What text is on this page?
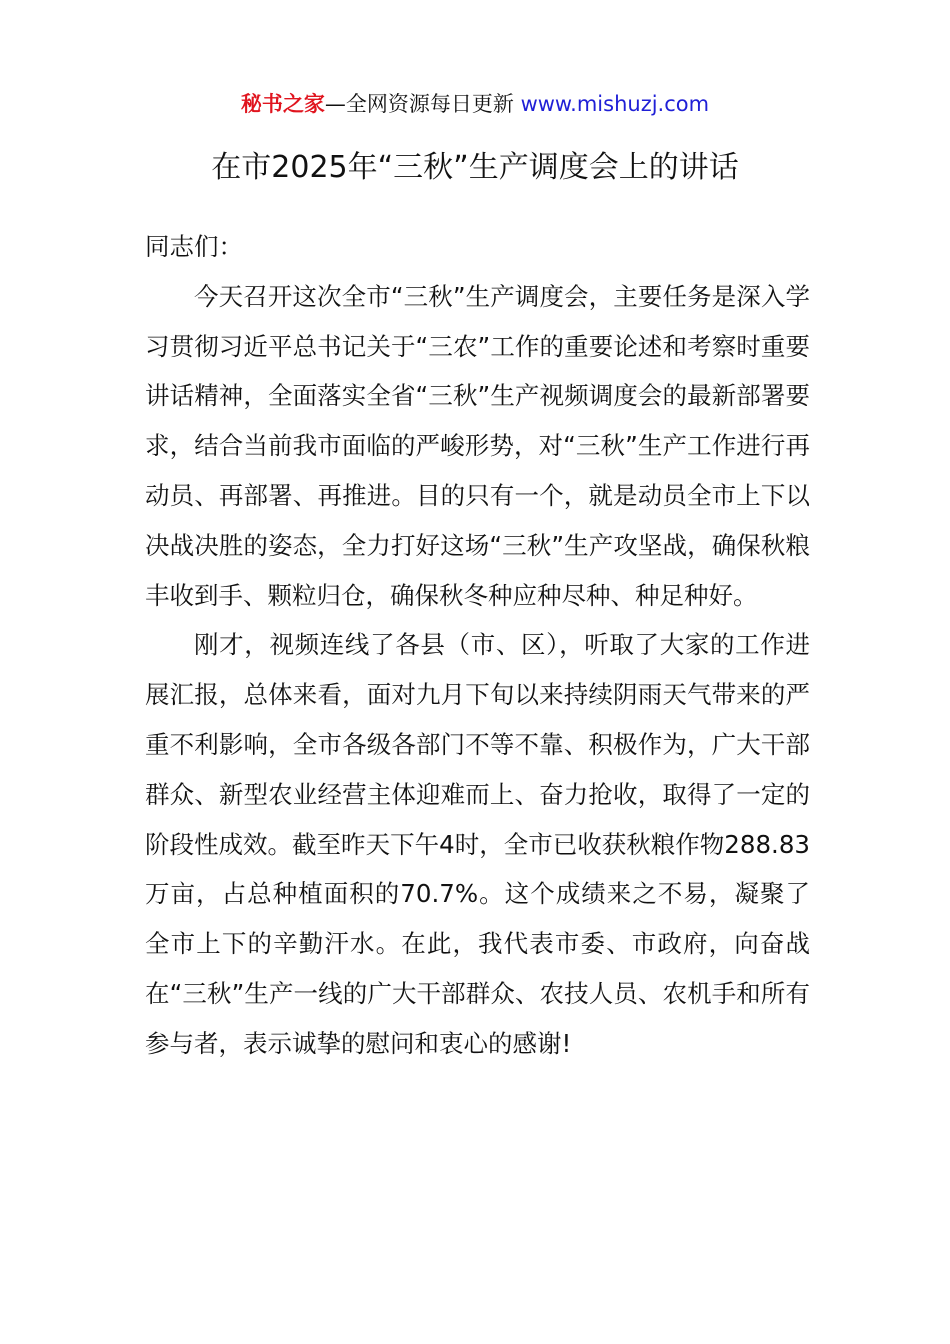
秘书之家—全网资源每日更新 www.mishuzj.com
在市2025年“三秋”生产调度会上的讲话

同志们：

今天召开这次全市“三秋”生产调度会，主要任务是深入学习贯彻习近平总书记关于“三农”工作的重要论述和考察时重要讲话精神，全面落实全省“三秋”生产视频调度会的最新部署要求，结合当前我市面临的严峻形势，对“三秋”生产工作进行再动员、再部署、再推进。目的只有一个，就是动员全市上下以决战决胜的姿态，全力打好这场“三秋”生产攻坚战，确保秋粮丰收到手、颗粒归仓，确保秋冬种应种尽种、种足种好。

刚才，视频连线了各县（市、区），听取了大家的工作进展汇报，总体来看，面对九月下旬以来持续阴雨天气带来的严重不利影响，全市各级各部门不等不靠、积极作为，广大干部群众、新型农业经营主体迎难而上、奋力抢收，取得了一定的阶段性成效。截至昨天下午4时，全市已收获秋粮作物288.83万亩，占总种植面积的70.7%。这个成绩来之不易，凝聚了全市上下的辛勤汗水。在此，我代表市委、市政府，向奋战在“三秋”生产一线的广大干部群众、农技人员、农机手和所有参与者，表示诚挚的慰问和衷心的感谢!
